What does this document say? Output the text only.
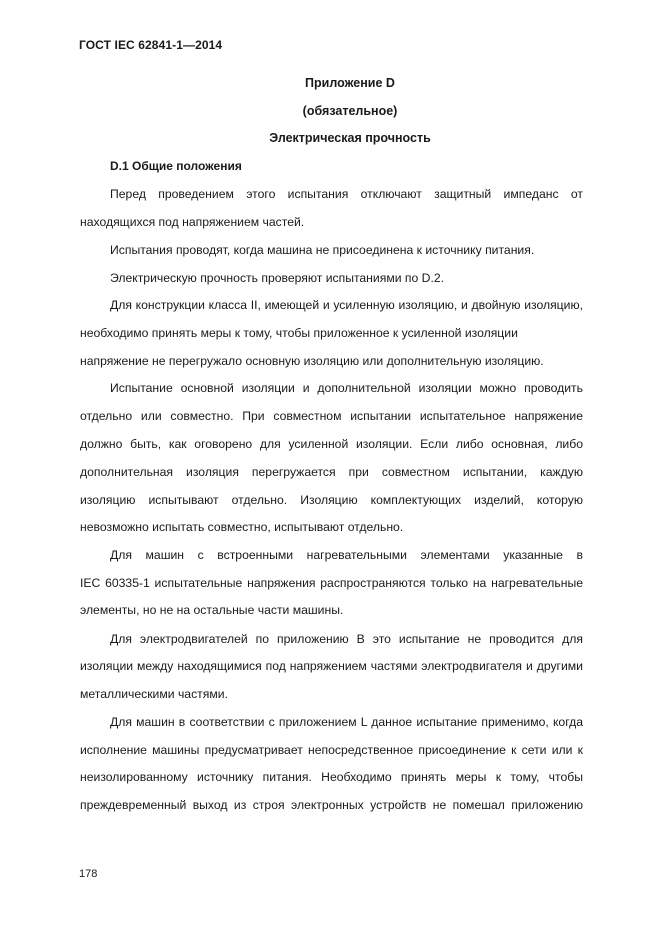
ГОСТ IEC 62841-1—2014
Приложение D
(обязательное)
Электрическая прочность
D.1 Общие положения
Перед проведением этого испытания отключают защитный импеданс от
находящихся под напряжением частей.
Испытания проводят, когда машина не присоединена к источнику питания.
Электрическую прочность проверяют испытаниями по D.2.
Для конструкции класса II, имеющей и усиленную изоляцию, и двойную изоляцию,
необходимо принять меры к тому, чтобы приложенное к усиленной изоляции
напряжение не перегружало основную изоляцию или дополнительную изоляцию.
Испытание основной изоляции и дополнительной изоляции можно проводить
отдельно или совместно. При совместном испытании испытательное напряжение
должно быть, как оговорено для усиленной изоляции. Если либо основная, либо
дополнительная изоляция перегружается при совместном испытании, каждую
изоляцию испытывают отдельно. Изоляцию комплектующих изделий, которую
невозможно испытать совместно, испытывают отдельно.
Для машин с встроенными нагревательными элементами указанные в
IEC 60335-1 испытательные напряжения распространяются только на нагревательные
элементы, но не на остальные части машины.
Для электродвигателей по приложению В это испытание не проводится для
изоляции между находящимися под напряжением частями электродвигателя и другими
металлическими частями.
Для машин в соответствии с приложением L данное испытание применимо, когда
исполнение машины предусматривает непосредственное присоединение к сети или к
неизолированному источнику питания. Необходимо принять меры к тому, чтобы
преждевременный выход из строя электронных устройств не помешал приложению
178
